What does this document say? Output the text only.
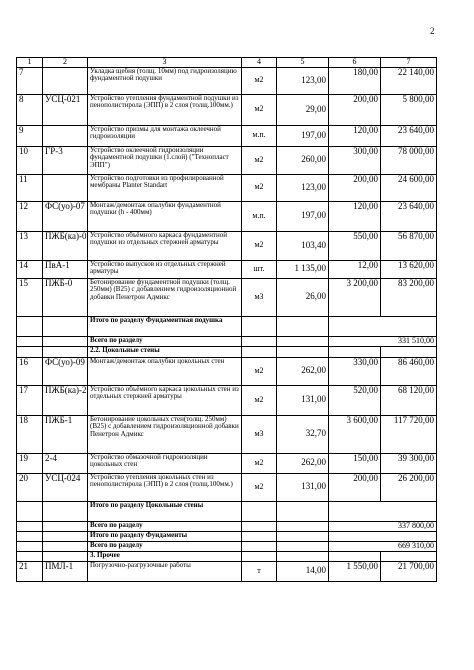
2
1	2	3	4	5	6	7
7		Укладка щебня (толщ. 10мм) под гидроизоляцию фундаментной подушки	м2	123,00	180,00	22 140,00
8	УСЦ-021	Устройство утепления фундаментной подушки из пенополистирола (ЭПП) в 2 слоя (толщ.100мм.)	м2	29,00	200,00	5 800,00
9		Устройство призмы для монтажа оклеечной гидроизоляции	м.п.	197,00	120,00	23 640,00
10	ГР-3	Устройство оклеечной гидроизоляции фундаментной подушки (1.слой) ("Технопласт ЭПП")	м2	260,00	300,00	78 000,00
11		Устройство подготовки из профилированной мембраны Planter Standart	м2	123,00	200,00	24 600,00
12	ФС(уо)-07	Монтаж/демонтаж опалубки фундаментной подушки (h - 400мм)	м.п.	197,00	120,00	23 640,00
13	ПЖБ(ка)-0	Устройство объёмного каркаса фундаментной подушки из отдельных стержней арматуры	м2	103,40	550,00	56 870,00
14	ПвА-1	Устройство выпусков из отдельных стержней арматуры	шт.	1 135,00	12,00	13 620,00
15	ПЖБ-0	Бетонирование фундаментной подушки (толщ. 250мм) (В25) с добавлением гидроизоляционной добавки Пенетрон Адмикс	м3	26,00	3 200,00	83 200,00
		Итого по разделу Фундаментная подушка				
		Всего по разделу			331 510,00	
		2.2. Цокольные стены				
16	ФС(уо)-09	Монтаж/демонтаж опалубки цокольных стен	м2	262,00	330,00	86 460,00
17	ПЖБ(ка)-2	Устройство объёмного каркаса цокольных стен из отдельных стержней арматуры	м2	131,00	520,00	68 120,00
18	ПЖБ-1	Бетонирование цокольных стен(толщ. 250мм) (В25) с добавлением гидроизоляционной добавки Пенетрон Адмикс	м3	32,70	3 600,00	117 720,00
19	2-4	Устройство обмазочной гидроизоляции цокольных стен	м2	262,00	150,00	39 300,00
20	УСЦ-024	Устройство утепления цокольных стен из пенополистирола (ЭПП) в 2 слоя (толщ.100мм.)	м2	131,00	200,00	26 200,00
		Итого по разделу Цокольные стены				
		Всего по разделу			337 800,00	
		Итого по разделу Фундаменты				
		Всего по разделу			669 310,00	
		3. Прочее				
21	ПМЛ-1	Погрузочно-разгрузочные работы	т	14,00	1 550,00	21 700,00
